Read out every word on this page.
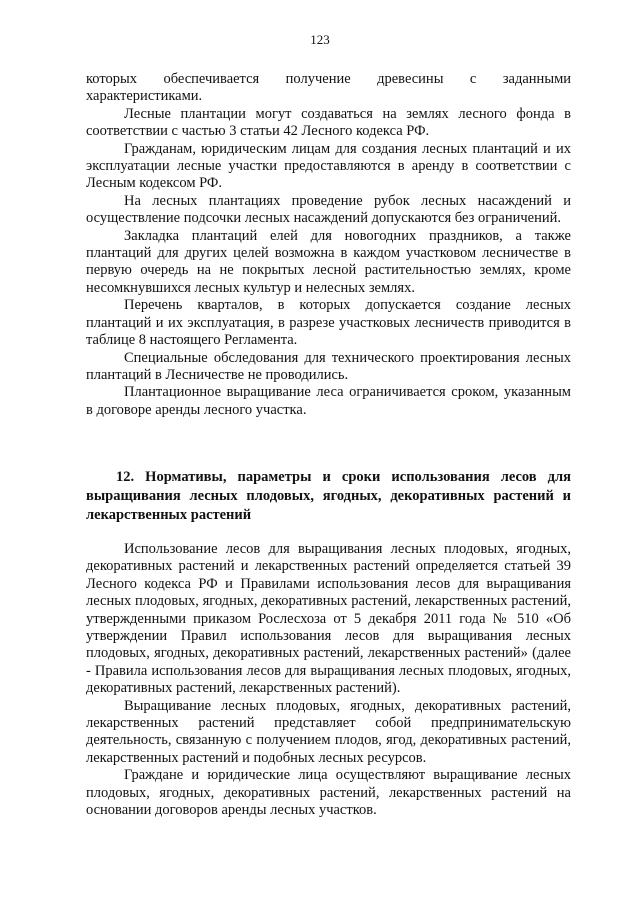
123

которых обеспечивается получение древесины с заданными характеристиками.

Лесные плантации могут создаваться на землях лесного фонда в соответствии с частью 3 статьи 42 Лесного кодекса РФ.

Гражданам, юридическим лицам для создания лесных плантаций и их эксплуатации лесные участки предоставляются в аренду в соответствии с Лесным кодексом РФ.

На лесных плантациях проведение рубок лесных насаждений и осуществление подсочки лесных насаждений допускаются без ограничений.

Закладка плантаций елей для новогодних праздников, а также плантаций для других целей возможна в каждом участковом лесничестве в первую очередь на не покрытых лесной растительностью землях, кроме несомкнувшихся лесных культур и нелесных землях.

Перечень кварталов, в которых допускается создание лесных плантаций и их эксплуатация, в разрезе участковых лесничеств приводится в таблице 8 настоящего Регламента.

Специальные обследования для технического проектирования лесных плантаций в Лесничестве не проводились.

Плантационное выращивание леса ограничивается сроком, указанным в договоре аренды лесного участка.

12. Нормативы, параметры и сроки использования лесов для выращивания лесных плодовых, ягодных, декоративных растений и лекарственных растений

Использование лесов для выращивания лесных плодовых, ягодных, декоративных растений и лекарственных растений определяется статьей 39 Лесного кодекса РФ и Правилами использования лесов для выращивания лесных плодовых, ягодных, декоративных растений, лекарственных растений, утвержденными приказом Рослесхоза от 5 декабря 2011 года № 510 «Об утверждении Правил использования лесов для выращивания лесных плодовых, ягодных, декоративных растений, лекарственных растений» (далее - Правила использования лесов для выращивания лесных плодовых, ягодных, декоративных растений, лекарственных растений).

Выращивание лесных плодовых, ягодных, декоративных растений, лекарственных растений представляет собой предпринимательскую деятельность, связанную с получением плодов, ягод, декоративных растений, лекарственных растений и подобных лесных ресурсов.

Граждане и юридические лица осуществляют выращивание лесных плодовых, ягодных, декоративных растений, лекарственных растений на основании договоров аренды лесных участков.
